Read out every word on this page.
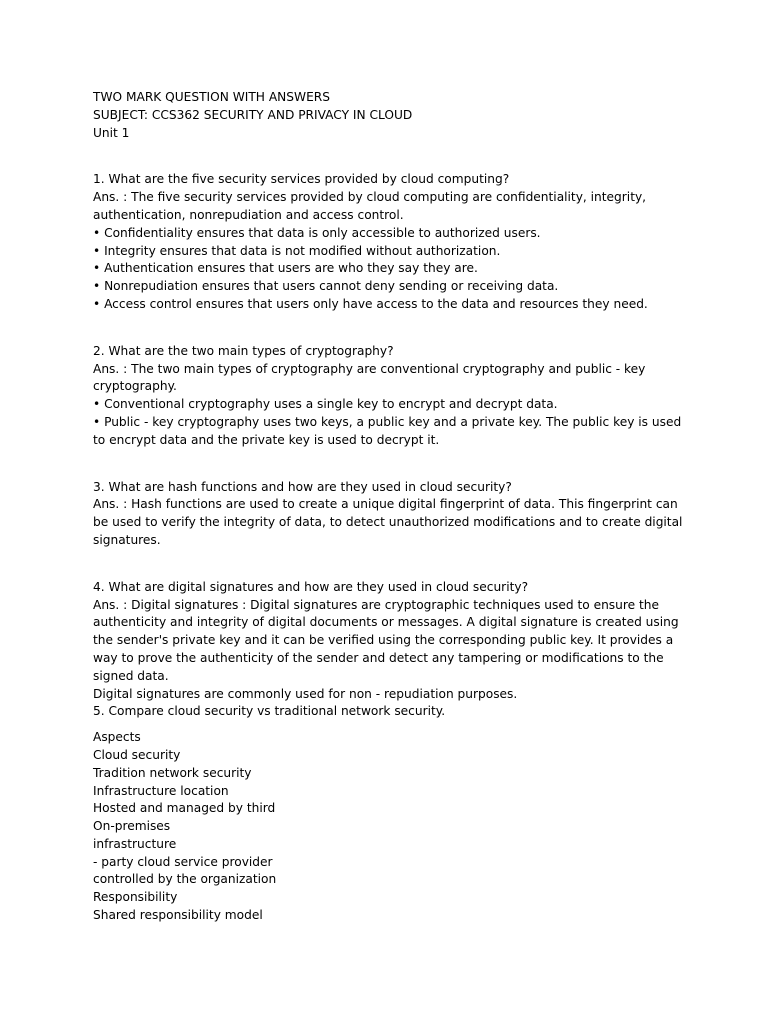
TWO MARK QUESTION WITH ANSWERS
SUBJECT: CCS362 SECURITY AND PRIVACY IN CLOUD
Unit 1
1. What are the five security services provided by cloud computing?
Ans. : The five security services provided by cloud computing are confidentiality, integrity, authentication, nonrepudiation and access control.
• Confidentiality ensures that data is only accessible to authorized users.
• Integrity ensures that data is not modified without authorization.
• Authentication ensures that users are who they say they are.
• Nonrepudiation ensures that users cannot deny sending or receiving data.
• Access control ensures that users only have access to the data and resources they need.
2. What are the two main types of cryptography?
Ans. : The two main types of cryptography are conventional cryptography and public - key cryptography.
• Conventional cryptography uses a single key to encrypt and decrypt data.
• Public - key cryptography uses two keys, a public key and a private key. The public key is used to encrypt data and the private key is used to decrypt it.
3. What are hash functions and how are they used in cloud security?
Ans. : Hash functions are used to create a unique digital fingerprint of data. This fingerprint can be used to verify the integrity of data, to detect unauthorized modifications and to create digital signatures.
4. What are digital signatures and how are they used in cloud security?
Ans. : Digital signatures : Digital signatures are cryptographic techniques used to ensure the authenticity and integrity of digital documents or messages. A digital signature is created using the sender's private key and it can be verified using the corresponding public key. It provides a way to prove the authenticity of the sender and detect any tampering or modifications to the signed data.
Digital signatures are commonly used for non - repudiation purposes.
5. Compare cloud security vs traditional network security.
Aspects
Cloud security
Tradition network security
Infrastructure location
Hosted and managed by third
On-premises
infrastructure
- party cloud service provider
controlled by the organization
Responsibility
Shared responsibility model
